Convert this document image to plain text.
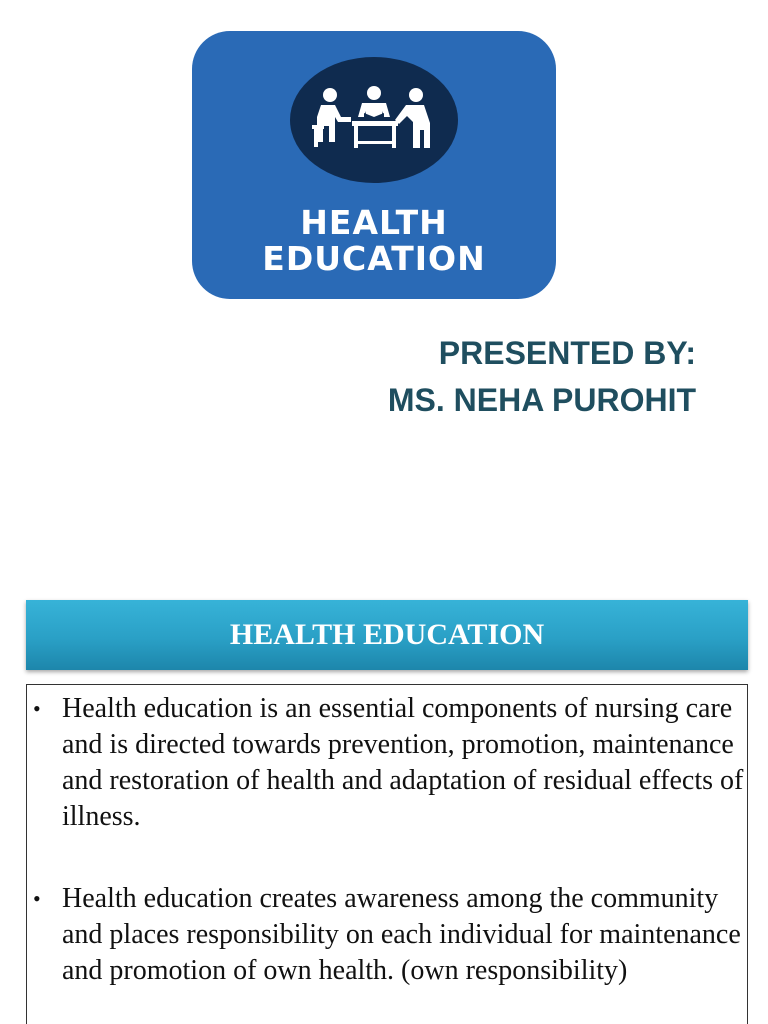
HEALTH
EDUCATION
PRESENTED BY:
MS. NEHA PUROHIT
HEALTH EDUCATION
• Health education is an essential components of nursing care and is directed towards prevention, promotion, maintenance and restoration of health and adaptation of residual effects of illness.
• Health education creates awareness among the community and places responsibility on each individual for maintenance and promotion of own health. (own responsibility)
